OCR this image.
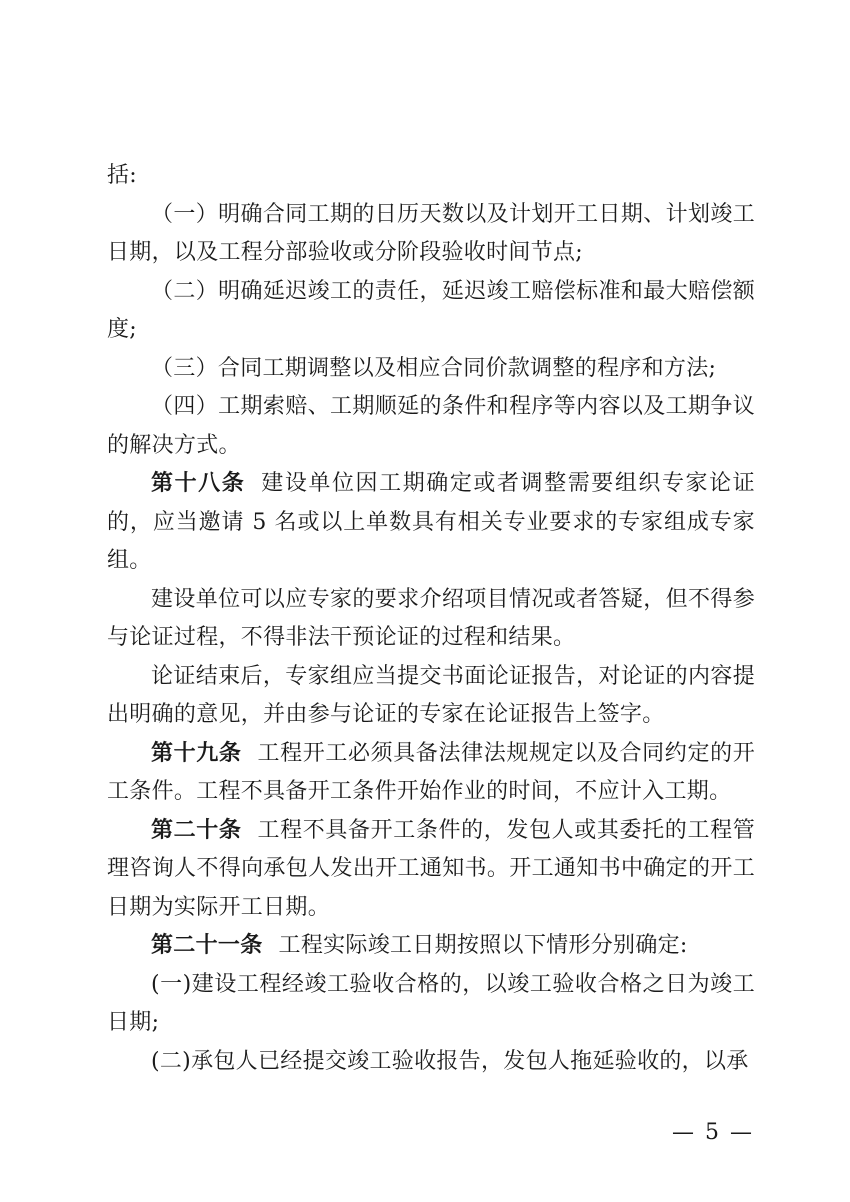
括:

（一）明确合同工期的日历天数以及计划开工日期、计划竣工日期，以及工程分部验收或分阶段验收时间节点;

（二）明确延迟竣工的责任，延迟竣工赔偿标准和最大赔偿额度;

（三）合同工期调整以及相应合同价款调整的程序和方法;

（四）工期索赔、工期顺延的条件和程序等内容以及工期争议的解决方式。

第十八条 建设单位因工期确定或者调整需要组织专家论证的，应当邀请 5 名或以上单数具有相关专业要求的专家组成专家组。

建设单位可以应专家的要求介绍项目情况或者答疑，但不得参与论证过程，不得非法干预论证的过程和结果。

论证结束后，专家组应当提交书面论证报告，对论证的内容提出明确的意见，并由参与论证的专家在论证报告上签字。

第十九条 工程开工必须具备法律法规规定以及合同约定的开工条件。工程不具备开工条件开始作业的时间，不应计入工期。

第二十条 工程不具备开工条件的，发包人或其委托的工程管理咨询人不得向承包人发出开工通知书。开工通知书中确定的开工日期为实际开工日期。

第二十一条 工程实际竣工日期按照以下情形分别确定:

(一)建设工程经竣工验收合格的，以竣工验收合格之日为竣工日期;

(二)承包人已经提交竣工验收报告，发包人拖延验收的，以承

— 5 —
